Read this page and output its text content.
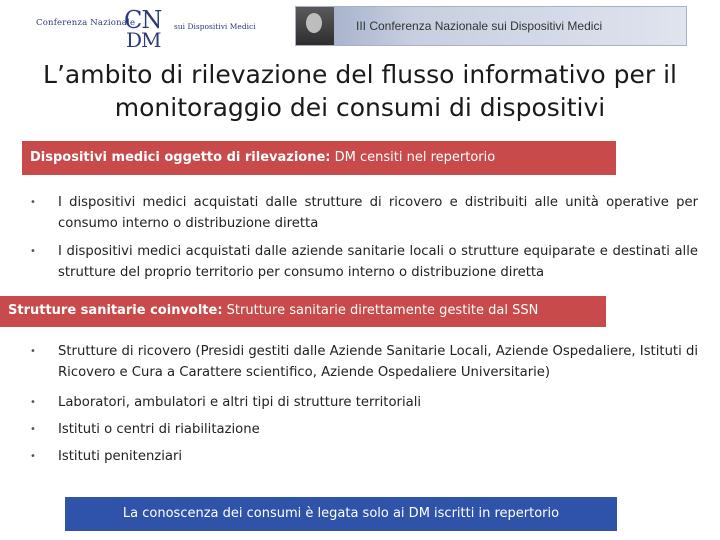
Conferenza Nazionale
CN
DM
sui Dispositivi Medici	III Conferenza Nazionale sui Dispositivi Medici
L’ambito di rilevazione del flusso informativo per il monitoraggio dei consumi di dispositivi
Dispositivi medici oggetto di rilevazione: DM censiti nel repertorio
• I dispositivi medici acquistati dalle strutture di ricovero e distribuiti alle unità operative per consumo interno o distribuzione diretta
• I dispositivi medici acquistati dalle aziende sanitarie locali o strutture equiparate e destinati alle strutture del proprio territorio per consumo interno o distribuzione diretta
Strutture sanitarie coinvolte: Strutture sanitarie direttamente gestite dal SSN
• Strutture di ricovero (Presidi gestiti dalle Aziende Sanitarie Locali, Aziende Ospedaliere, Istituti di Ricovero e Cura a Carattere scientifico, Aziende Ospedaliere Universitarie)
• Laboratori, ambulatori e altri tipi di strutture territoriali
• Istituti o centri di riabilitazione
• Istituti penitenziari
La conoscenza dei consumi è legata solo ai DM iscritti in repertorio
